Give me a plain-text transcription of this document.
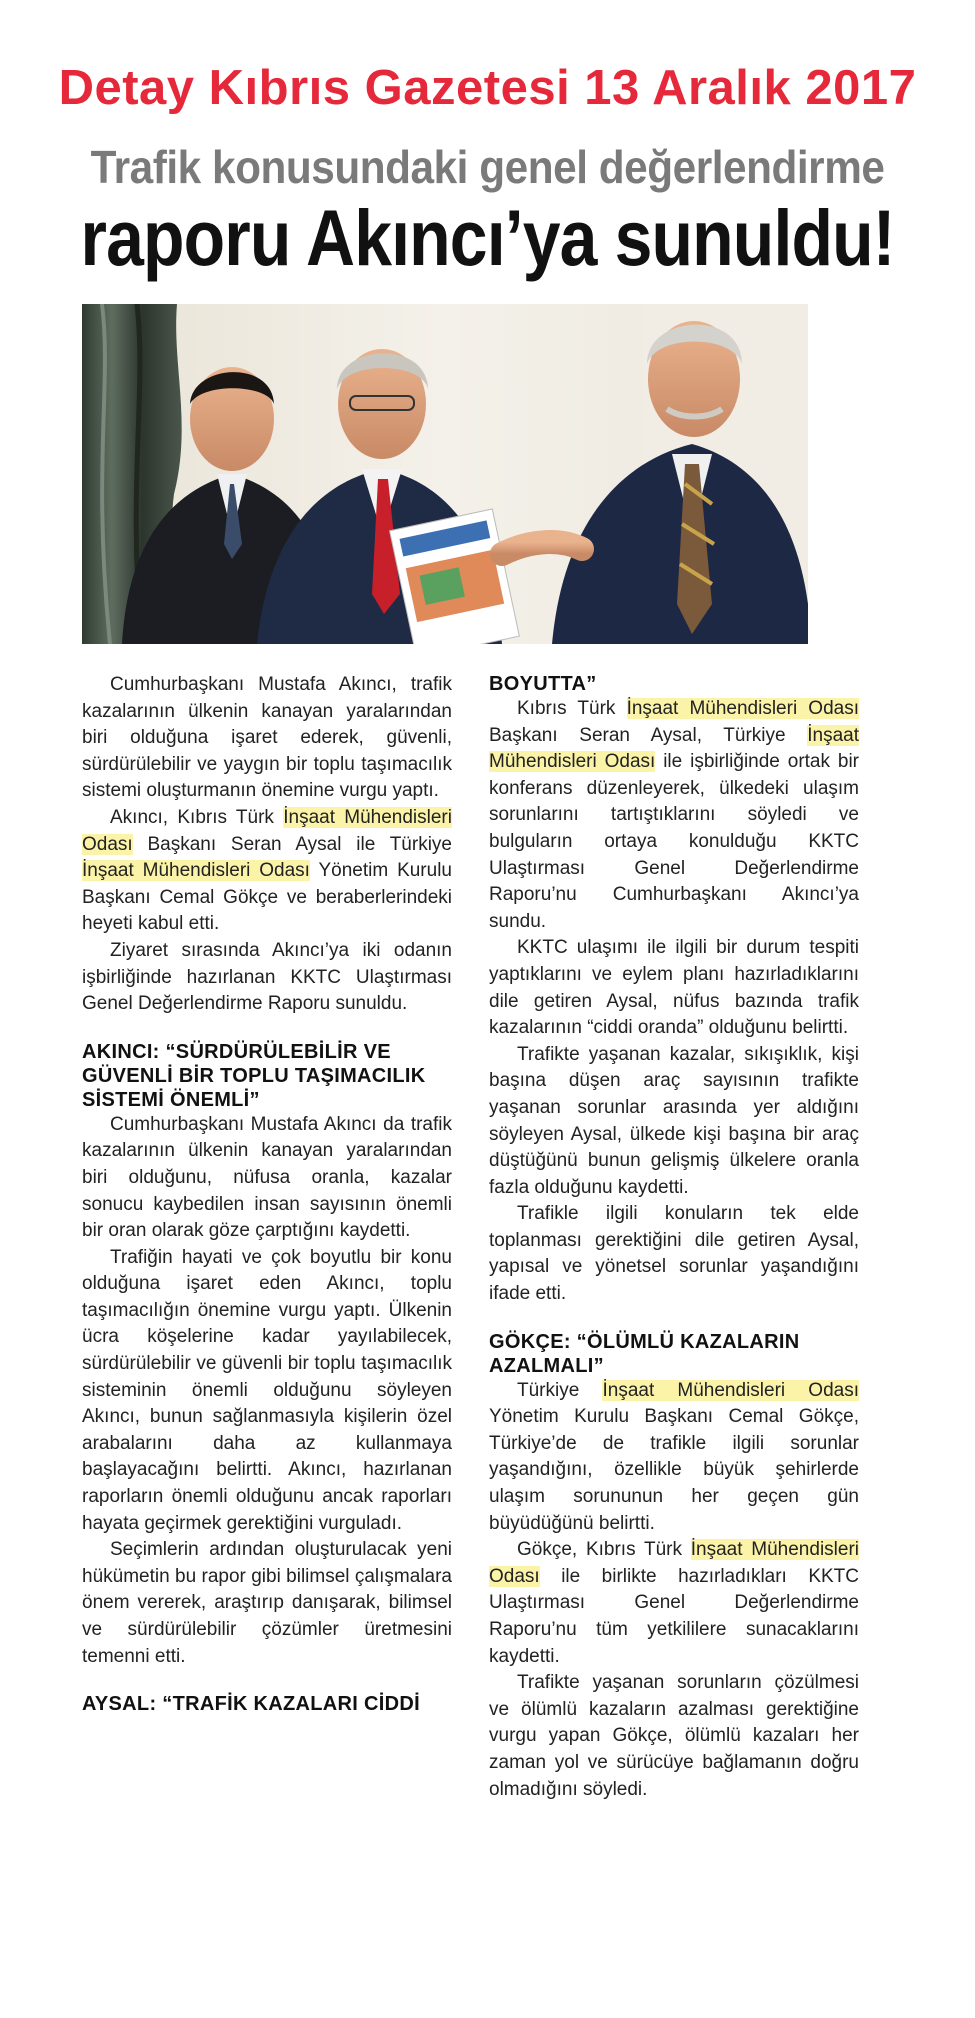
Detay Kıbrıs Gazetesi 13 Aralık 2017
Trafik konusundaki genel değerlendirme
raporu Akıncı’ya sunuldu!

Cumhurbaşkanı Mustafa Akıncı, trafik kazalarının ülkenin kanayan yaralarından biri olduğuna işaret ederek, güvenli, sürdürülebilir ve yaygın bir toplu taşımacılık sistemi oluşturmanın önemine vurgu yaptı.

Akıncı, Kıbrıs Türk İnşaat Mühendisleri Odası Başkanı Seran Aysal ile Türkiye İnşaat Mühendisleri Odası Yönetim Kurulu Başkanı Cemal Gökçe ve beraberlerindeki heyeti kabul etti.

Ziyaret sırasında Akıncı’ya iki odanın işbirliğinde hazırlanan KKTC Ulaştırması Genel Değerlendirme Raporu sunuldu.

AKINCI: “SÜRDÜRÜLEBİLİR VE GÜVENLİ BİR TOPLU TAŞIMACILIK SİSTEMİ ÖNEMLİ”

Cumhurbaşkanı Mustafa Akıncı da trafik kazalarının ülkenin kanayan yaralarından biri olduğunu, nüfusa oranla, kazalar sonucu kaybedilen insan sayısının önemli bir oran olarak göze çarptığını kaydetti.

Trafiğin hayati ve çok boyutlu bir konu olduğuna işaret eden Akıncı, toplu taşımacılığın önemine vurgu yaptı. Ülkenin ücra köşelerine kadar yayılabilecek, sürdürülebilir ve güvenli bir toplu taşımacılık sisteminin önemli olduğunu söyleyen Akıncı, bunun sağlanmasıyla kişilerin özel arabalarını daha az kullanmaya başlayacağını belirtti. Akıncı, hazırlanan raporların önemli olduğunu ancak raporları hayata geçirmek gerektiğini vurguladı.

Seçimlerin ardından oluşturulacak yeni hükümetin bu rapor gibi bilimsel çalışmalara önem vererek, araştırıp danışarak, bilimsel ve sürdürülebilir çözümler üretmesini temenni etti.

AYSAL: “TRAFİK KAZALARI CİDDİ
BOYUTTA”

Kıbrıs Türk İnşaat Mühendisleri Odası Başkanı Seran Aysal, Türkiye İnşaat Mühendisleri Odası ile işbirliğinde ortak bir konferans düzenleyerek, ülkedeki ulaşım sorunlarını tartıştıklarını söyledi ve bulguların ortaya konulduğu KKTC Ulaştırması Genel Değerlendirme Raporu’nu Cumhurbaşkanı Akıncı’ya sundu.

KKTC ulaşımı ile ilgili bir durum tespiti yaptıklarını ve eylem planı hazırladıklarını dile getiren Aysal, nüfus bazında trafik kazalarının “ciddi oranda” olduğunu belirtti.

Trafikte yaşanan kazalar, sıkışıklık, kişi başına düşen araç sayısının trafikte yaşanan sorunlar arasında yer aldığını söyleyen Aysal, ülkede kişi başına bir araç düştüğünü bunun gelişmiş ülkelere oranla fazla olduğunu kaydetti.

Trafikle ilgili konuların tek elde toplanması gerektiğini dile getiren Aysal, yapısal ve yönetsel sorunlar yaşandığını ifade etti.

GÖKÇE: “ÖLÜMLÜ KAZALARIN AZALMALI”

Türkiye İnşaat Mühendisleri Odası Yönetim Kurulu Başkanı Cemal Gökçe, Türkiye’de de trafikle ilgili sorunlar yaşandığını, özellikle büyük şehirlerde ulaşım sorununun her geçen gün büyüdüğünü belirtti.

Gökçe, Kıbrıs Türk İnşaat Mühendisleri Odası ile birlikte hazırladıkları KKTC Ulaştırması Genel Değerlendirme Raporu’nu tüm yetkililere sunacaklarını kaydetti.

Trafikte yaşanan sorunların çözülmesi ve ölümlü kazaların azalması gerektiğine vurgu yapan Gökçe, ölümlü kazaları her zaman yol ve sürücüye bağlamanın doğru olmadığını söyledi.
